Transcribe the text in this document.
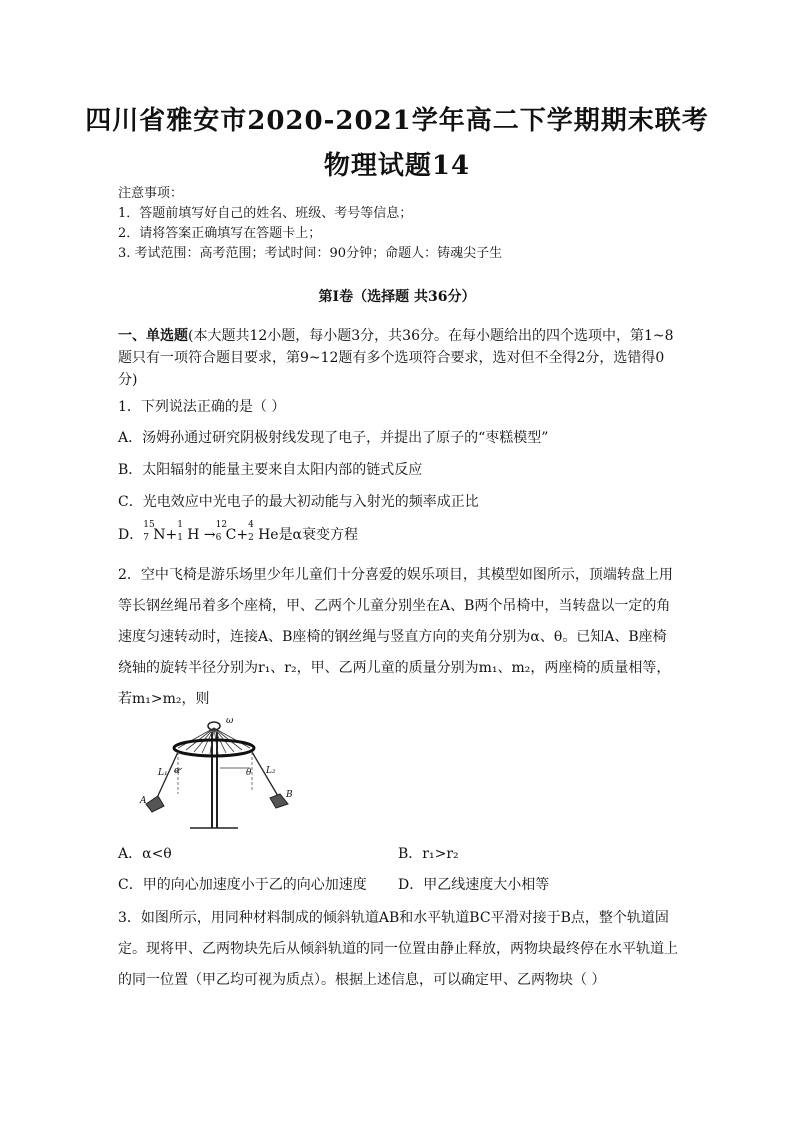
四川省雅安市2020-2021学年高二下学期期末联考
物理试题14
注意事项：
1．答题前填写好自己的姓名、班级、考号等信息；
2．请将答案正确填写在答题卡上；
3. 考试范围：高考范围；考试时间：90分钟；命题人：铸魂尖子生
第I卷（选择题 共36分）
一、单选题(本大题共12小题，每小题3分，共36分。在每小题给出的四个选项中，第1~8题只有一项符合题目要求，第9~12题有多个选项符合要求，选对但不全得2分，选错得0分)
1．下列说法正确的是（ ）
A．汤姆孙通过研究阴极射线发现了电子，并提出了原子的“枣糕模型”
B．太阳辐射的能量主要来自太阳内部的链式反应
C．光电效应中光电子的最大初动能与入射光的频率成正比
D．
15
7 N+
1
1 H →
12
6 C+
4
2 He是α衰变方程
2．空中飞椅是游乐场里少年儿童们十分喜爱的娱乐项目，其模型如图所示，顶端转盘上用等长钢丝绳吊着多个座椅，甲、乙两个儿童分别坐在A、B两个吊椅中，当转盘以一定的角速度匀速转动时，连接A、B座椅的钢丝绳与竖直方向的夹角分别为α、θ。已知A、B座椅绕轴的旋转半径分别为r₁、r₂，甲、乙两儿童的质量分别为m₁、m₂，两座椅的质量相等，若m₁>m₂，则
ω
α	θ
L₁	L₂
A
B
A．α<θ	B．r₁>r₂
C．甲的向心加速度小于乙的向心加速度 D．甲乙线速度大小相等
3．如图所示，用同种材料制成的倾斜轨道AB和水平轨道BC平滑对接于B点，整个轨道固定。现将甲、乙两物块先后从倾斜轨道的同一位置由静止释放，两物块最终停在水平轨道上的同一位置（甲乙均可视为质点）。根据上述信息，可以确定甲、乙两物块（ ）
